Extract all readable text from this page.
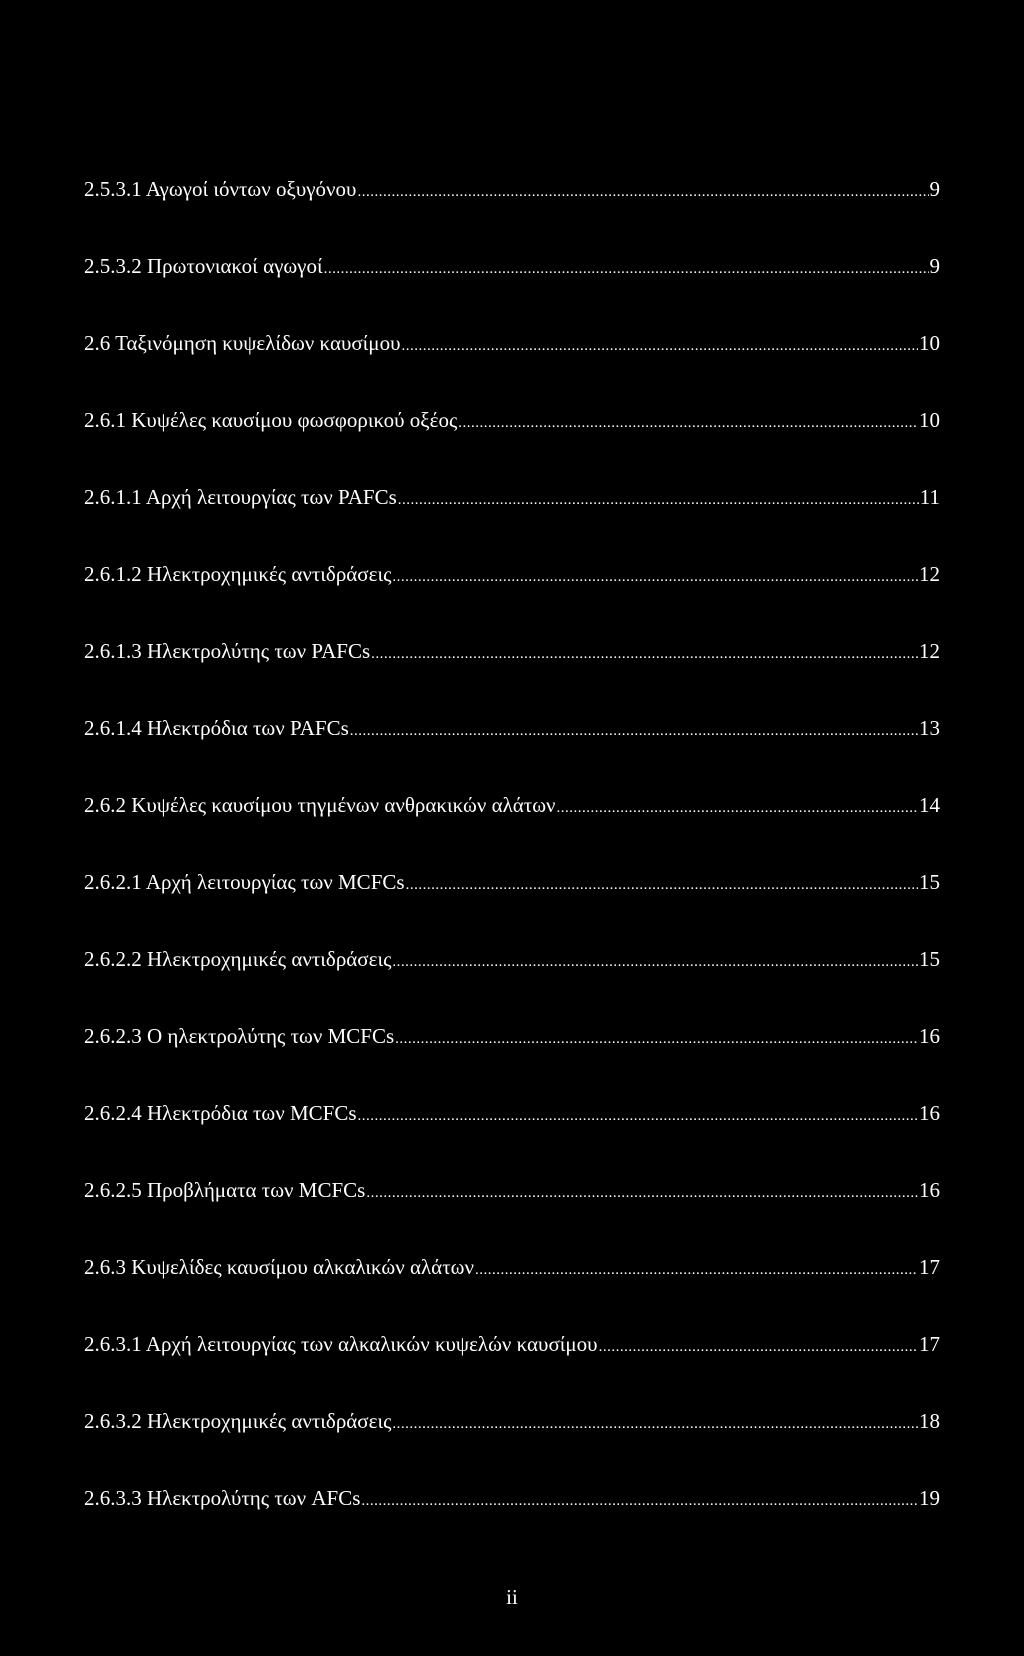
2.5.3.1 Αγωγοί ιόντων οξυγόνου .....	9
2.5.3.2 Πρωτονιακοί αγωγοί .....	9
2.6 Ταξινόμηση κυψελίδων καυσίμου .....	10
2.6.1 Κυψέλες καυσίμου φωσφορικού οξέος .....	10
2.6.1.1 Αρχή λειτουργίας των PAFCs .....	11
2.6.1.2 Ηλεκτροχημικές αντιδράσεις .....	12
2.6.1.3 Ηλεκτρολύτης των PAFCs .....	12
2.6.1.4 Ηλεκτρόδια των PAFCs .....	13
2.6.2 Κυψέλες καυσίμου τηγμένων ανθρακικών αλάτων .....	14
2.6.2.1 Αρχή λειτουργίας των MCFCs .....	15
2.6.2.2 Ηλεκτροχημικές αντιδράσεις .....	15
2.6.2.3 Ο ηλεκτρολύτης των MCFCs .....	16
2.6.2.4 Ηλεκτρόδια των MCFCs .....	16
2.6.2.5 Προβλήματα των MCFCs .....	16
2.6.3 Κυψελίδες καυσίμου αλκαλικών αλάτων .....	17
2.6.3.1 Αρχή λειτουργίας των αλκαλικών κυψελών καυσίμου .....	17
2.6.3.2 Ηλεκτροχημικές αντιδράσεις .....	18
2.6.3.3 Ηλεκτρολύτης των AFCs .....	19
ii
